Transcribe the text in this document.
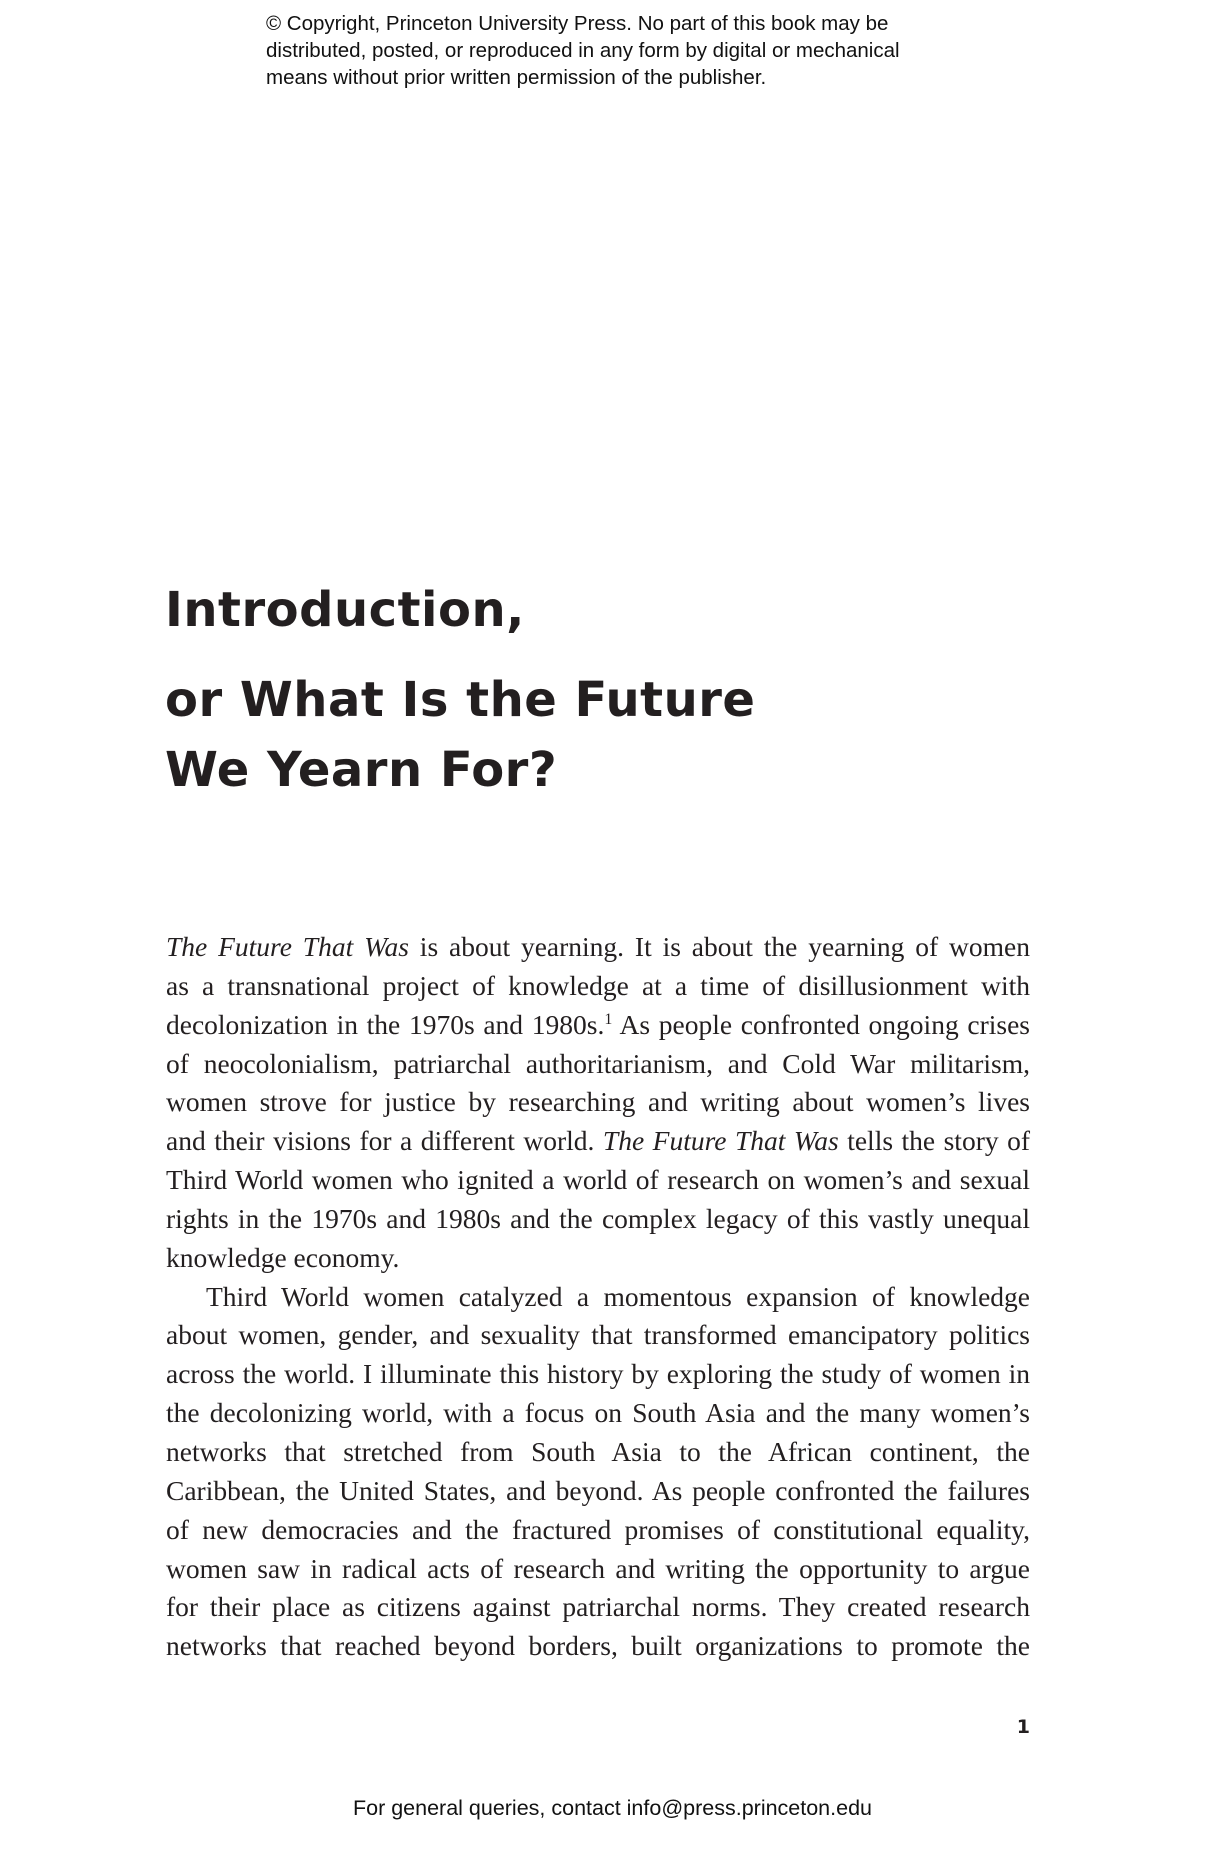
© Copyright, Princeton University Press. No part of this book may be
distributed, posted, or reproduced in any form by digital or mechanical
means without prior written permission of the publisher.
Introduction,
or What Is the Future
We Yearn For?
The Future That Was is about yearning. It is about the yearning of women
as a transnational project of knowledge at a time of disillusionment with
decolonization in the 1970s and 1980s.$^1$ As people confronted ongoing crises
of neocolonialism, patriarchal authoritarianism, and Cold War militarism,
women strove for justice by researching and writing about women’s lives
and their visions for a different world. The Future That Was tells the story of
Third World women who ignited a world of research on women’s and sexual
rights in the 1970s and 1980s and the complex legacy of this vastly unequal
knowledge economy.
Third World women catalyzed a momentous expansion of knowledge
about women, gender, and sexuality that transformed emancipatory politics
across the world. I illuminate this history by exploring the study of women in
the decolonizing world, with a focus on South Asia and the many women’s
networks that stretched from South Asia to the African continent, the
Caribbean, the United States, and beyond. As people confronted the failures
of new democracies and the fractured promises of constitutional equality,
women saw in radical acts of research and writing the opportunity to argue
for their place as citizens against patriarchal norms. They created research
networks that reached beyond borders, built organizations to promote the
1
For general queries, contact info@press.princeton.edu
